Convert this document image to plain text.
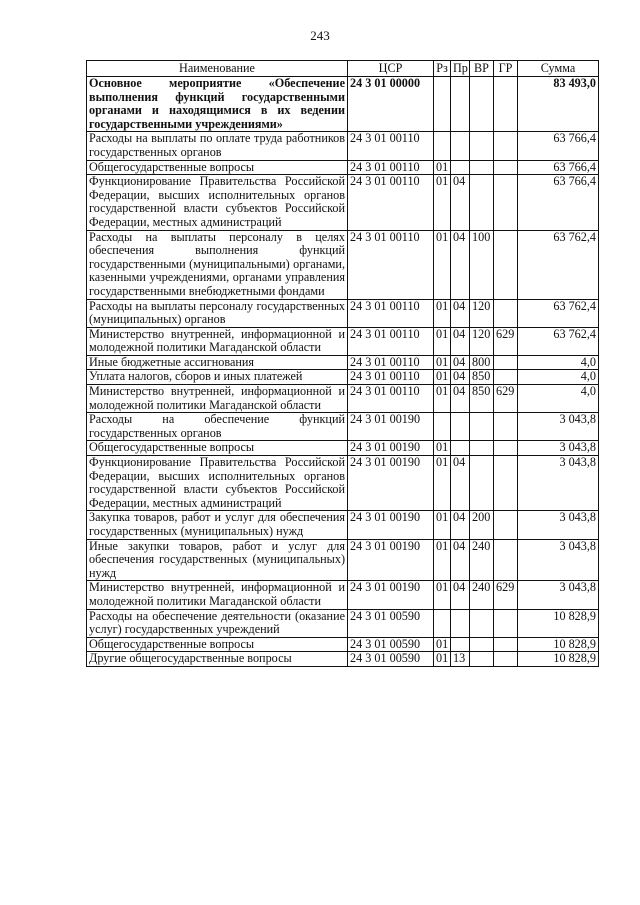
243
Наименование	ЦСР	Рз	Пр	ВР	ГР	Сумма
Основное мероприятие «Обеспечение выполнения функций государственными органами и находящимися в их ведении государственными учреждениями»	24 3 01 00000					83 493,0
Расходы на выплаты по оплате труда работников государственных органов	24 3 01 00110					63 766,4
Общегосударственные вопросы	24 3 01 00110	01				63 766,4
Функционирование Правительства Российской Федерации, высших исполнительных органов государственной власти субъектов Российской Федерации, местных администраций	24 3 01 00110	01	04			63 766,4
Расходы на выплаты персоналу в целях обеспечения выполнения функций государственными (муниципальными) органами, казенными учреждениями, органами управления государственными внебюджетными фондами	24 3 01 00110	01	04	100		63 762,4
Расходы на выплаты персоналу государственных (муниципальных) органов	24 3 01 00110	01	04	120		63 762,4
Министерство внутренней, информационной и молодежной политики Магаданской области	24 3 01 00110	01	04	120	629	63 762,4
Иные бюджетные ассигнования	24 3 01 00110	01	04	800		4,0
Уплата налогов, сборов и иных платежей	24 3 01 00110	01	04	850		4,0
Министерство внутренней, информационной и молодежной политики Магаданской области	24 3 01 00110	01	04	850	629	4,0
Расходы на обеспечение функций государственных органов	24 3 01 00190					3 043,8
Общегосударственные вопросы	24 3 01 00190	01				3 043,8
Функционирование Правительства Российской Федерации, высших исполнительных органов государственной власти субъектов Российской Федерации, местных администраций	24 3 01 00190	01	04			3 043,8
Закупка товаров, работ и услуг для обеспечения государственных (муниципальных) нужд	24 3 01 00190	01	04	200		3 043,8
Иные закупки товаров, работ и услуг для обеспечения государственных (муниципальных) нужд	24 3 01 00190	01	04	240		3 043,8
Министерство внутренней, информационной и молодежной политики Магаданской области	24 3 01 00190	01	04	240	629	3 043,8
Расходы на обеспечение деятельности (оказание услуг) государственных учреждений	24 3 01 00590					10 828,9
Общегосударственные вопросы	24 3 01 00590	01				10 828,9
Другие общегосударственные вопросы	24 3 01 00590	01	13			10 828,9
